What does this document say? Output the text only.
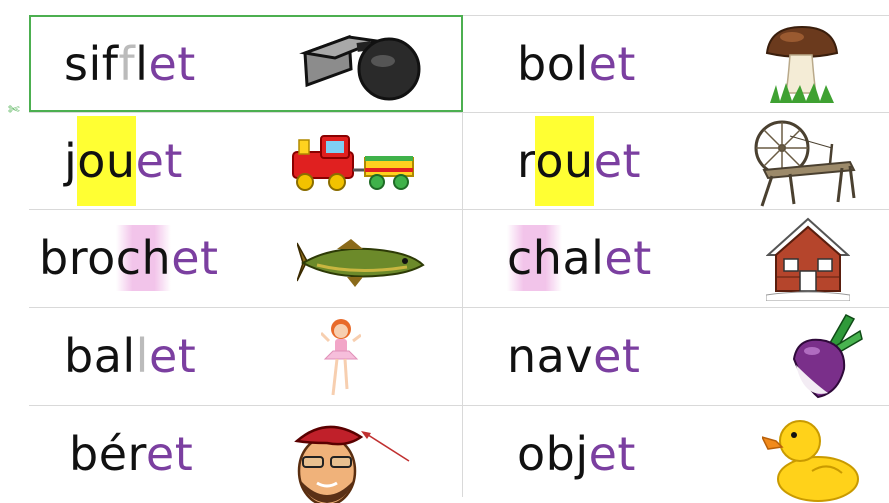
sifflet	bolet
jouet	rouet
brochet	chalet
ballet	navet
béret	objet
✄
